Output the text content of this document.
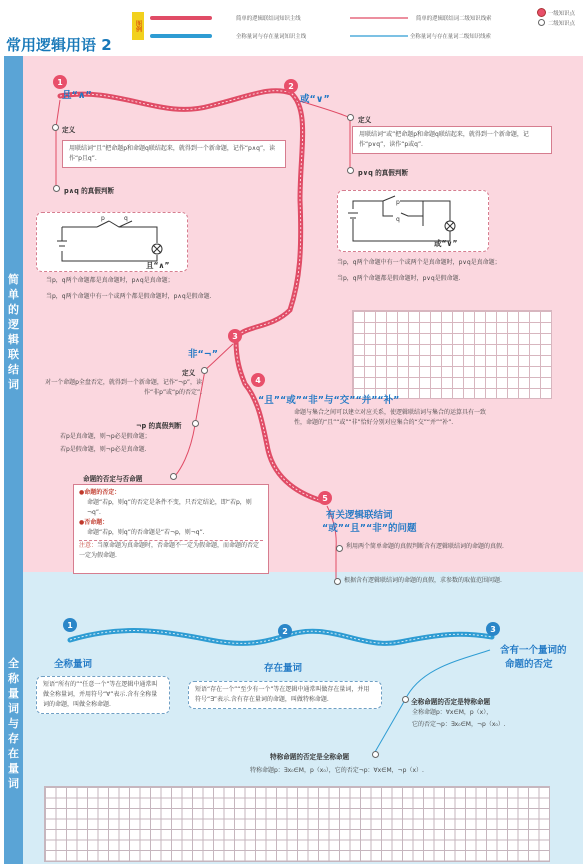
常用逻辑用语 2
图例
简单的逻辑联结词知识主线	简单的逻辑联结词二级知识线索
全称量词与存在量词知识主线	全称量词与存在量词二级知识线索
一级知识点
二级知识点
简单的逻辑联结词
全称量词与存在量词
1
且“∧”
定义
用联结词“且”把命题p和命题q联结起来，就得到一个新命题，记作“p∧q”，读作“p且q”.
p∧q 的真假判断
p	q
且“∧”
当p，q两个命题都是真命题时，p∧q是真命题；
当p，q两个命题中有一个或两个都是假命题时，p∧q是假命题.
2
或“∨”
定义
用联结词“或”把命题p和命题q联结起来，就得到一个新命题，记作“p∨q”，读作“p或q”.
p∨q 的真假判断
p
q
或“∨”
当p，q两个命题中有一个或两个是真命题时，p∨q是真命题；
当p，q两个命题都是假命题时，p∨q是假命题.
3
非“¬”
定义
对一个命题p全盘否定，就得到一个新命题，记作“¬p”，读作“非p”或“p的否定”.
¬p 的真假判断
若p是真命题，则¬p必是假命题；
若p是假命题，则¬p必是真命题.
命题的否定与否命题
●命题的否定：
命题“若p，则q”的否定是条件不变，只否定结论，即“若p，则¬q”.
●否命题：
命题“若p，则q”的否命题是“若¬p，则¬q”.
注意：当原命题为真命题时，否命题不一定为假命题，而命题的否定一定为假命题.
4
“且”“或”“非”与“交”“并”“补”
命题与集合之间可以建立对应关系，使逻辑联结词与集合的运算具有一致性，命题的“且”“或”“非”恰好分别对应集合的“交”“并”“补”.
5
有关逻辑联结词
“或”“且”“非”的问题
利用两个简单命题的真假判断含有逻辑联结词的命题的真假.
根据含有逻辑联结词的命题的真假，求参数的取值范围问题.
1
全称量词
短语“所有的”“任意一个”等在逻辑中通常叫做全称量词，并用符号“∀”表示.含有全称量词的命题，叫做全称命题.
2
存在量词
短语“存在一个”“至少有一个”等在逻辑中通常叫做存在量词，并用符号“∃”表示.含有存在量词的命题，叫做特称命题.
3
含有一个量词的
命题的否定
全称命题的否定是特称命题
全称命题p：∀x∈M，p（x），
它的否定¬p：∃x₀∈M，¬p（x₀）.
特称命题的否定是全称命题
特称命题p：∃x₀∈M，p（x₀），它的否定¬p：∀x∈M，¬p（x）.
